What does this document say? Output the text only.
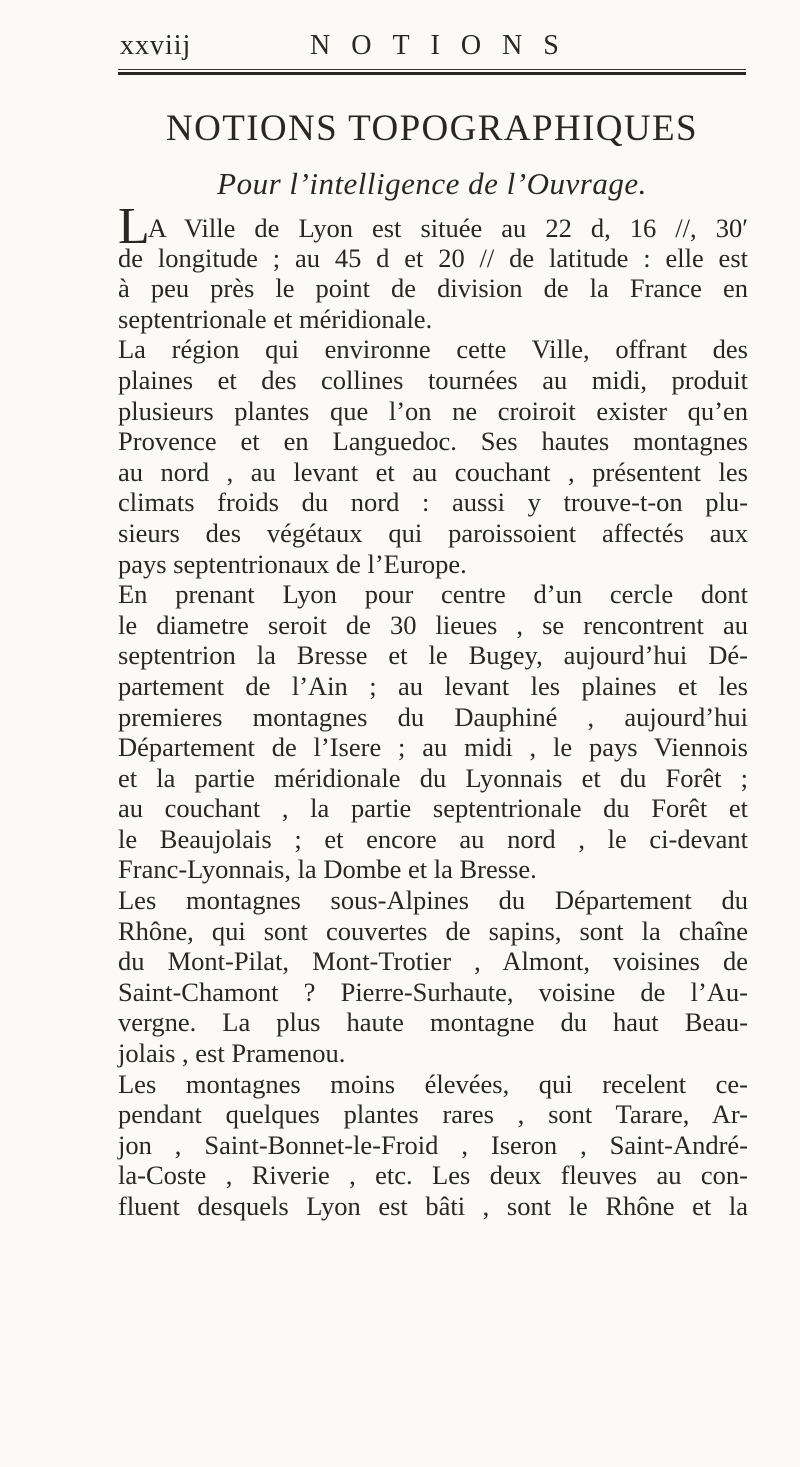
xxviij	NOTIONS
NOTIONS TOPOGRAPHIQUES
Pour l’intelligence de l’Ouvrage.
LA Ville de Lyon est située au 22 d, 16 //, 30′
de longitude ; au 45 d et 20 // de latitude : elle est
à peu près le point de division de la France en
septentrionale et méridionale.
La région qui environne cette Ville, offrant des
plaines et des collines tournées au midi, produit
plusieurs plantes que l’on ne croiroit exister qu’en
Provence et en Languedoc. Ses hautes montagnes
au nord , au levant et au couchant , présentent les
climats froids du nord : aussi y trouve-t-on plu-
sieurs des végétaux qui paroissoient affectés aux
pays septentrionaux de l’Europe.
En prenant Lyon pour centre d’un cercle dont
le diametre seroit de 30 lieues , se rencontrent au
septentrion la Bresse et le Bugey, aujourd’hui Dé-
partement de l’Ain ; au levant les plaines et les
premieres montagnes du Dauphiné , aujourd’hui
Département de l’Isere ; au midi , le pays Viennois
et la partie méridionale du Lyonnais et du Forêt ;
au couchant , la partie septentrionale du Forêt et
le Beaujolais ; et encore au nord , le ci-devant
Franc-Lyonnais, la Dombe et la Bresse.
Les montagnes sous-Alpines du Département du
Rhône, qui sont couvertes de sapins, sont la chaîne
du Mont-Pilat, Mont-Trotier , Almont, voisines de
Saint-Chamont ? Pierre-Surhaute, voisine de l’Au-
vergne. La plus haute montagne du haut Beau-
jolais , est Pramenou.
Les montagnes moins élevées, qui recelent ce-
pendant quelques plantes rares , sont Tarare, Ar-
jon , Saint-Bonnet-le-Froid , Iseron , Saint-André-
la-Coste , Riverie , etc. Les deux fleuves au con-
fluent desquels Lyon est bâti , sont le Rhône et la
